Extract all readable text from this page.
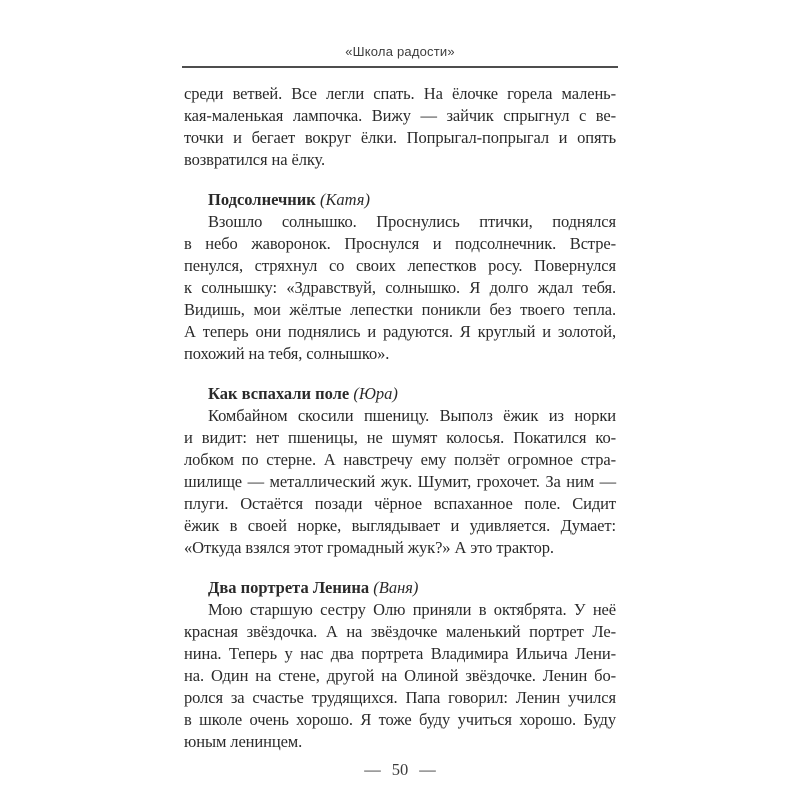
«Школа радости»
среди ветвей. Все легли спать. На ёлочке горела малень-
кая-маленькая лампочка. Вижу — зайчик спрыгнул с ве-
точки и бегает вокруг ёлки. Попрыгал-попрыгал и опять
возвратился на ёлку.
Подсолнечник (Катя)
Взошло солнышко. Проснулись птички, поднялся
в небо жаворонок. Проснулся и подсолнечник. Встре-
пенулся, стряхнул со своих лепестков росу. Повернулся
к солнышку: «Здравствуй, солнышко. Я долго ждал тебя.
Видишь, мои жёлтые лепестки поникли без твоего тепла.
А теперь они поднялись и радуются. Я круглый и золотой,
похожий на тебя, солнышко».
Как вспахали поле (Юра)
Комбайном скосили пшеницу. Выполз ёжик из норки
и видит: нет пшеницы, не шумят колосья. Покатился ко-
лобком по стерне. А навстречу ему ползёт огромное стра-
шилище — металлический жук. Шумит, грохочет. За ним —
плуги. Остаётся позади чёрное вспаханное поле. Сидит
ёжик в своей норке, выглядывает и удивляется. Думает:
«Откуда взялся этот громадный жук?» А это трактор.
Два портрета Ленина (Ваня)
Мою старшую сестру Олю приняли в октябрята. У неё
красная звёздочка. А на звёздочке маленький портрет Ле-
нина. Теперь у нас два портрета Владимира Ильича Лени-
на. Один на стене, другой на Олиной звёздочке. Ленин бо-
ролся за счастье трудящихся. Папа говорил: Ленин учился
в школе очень хорошо. Я тоже буду учиться хорошо. Буду
юным ленинцем.
— 50 —
